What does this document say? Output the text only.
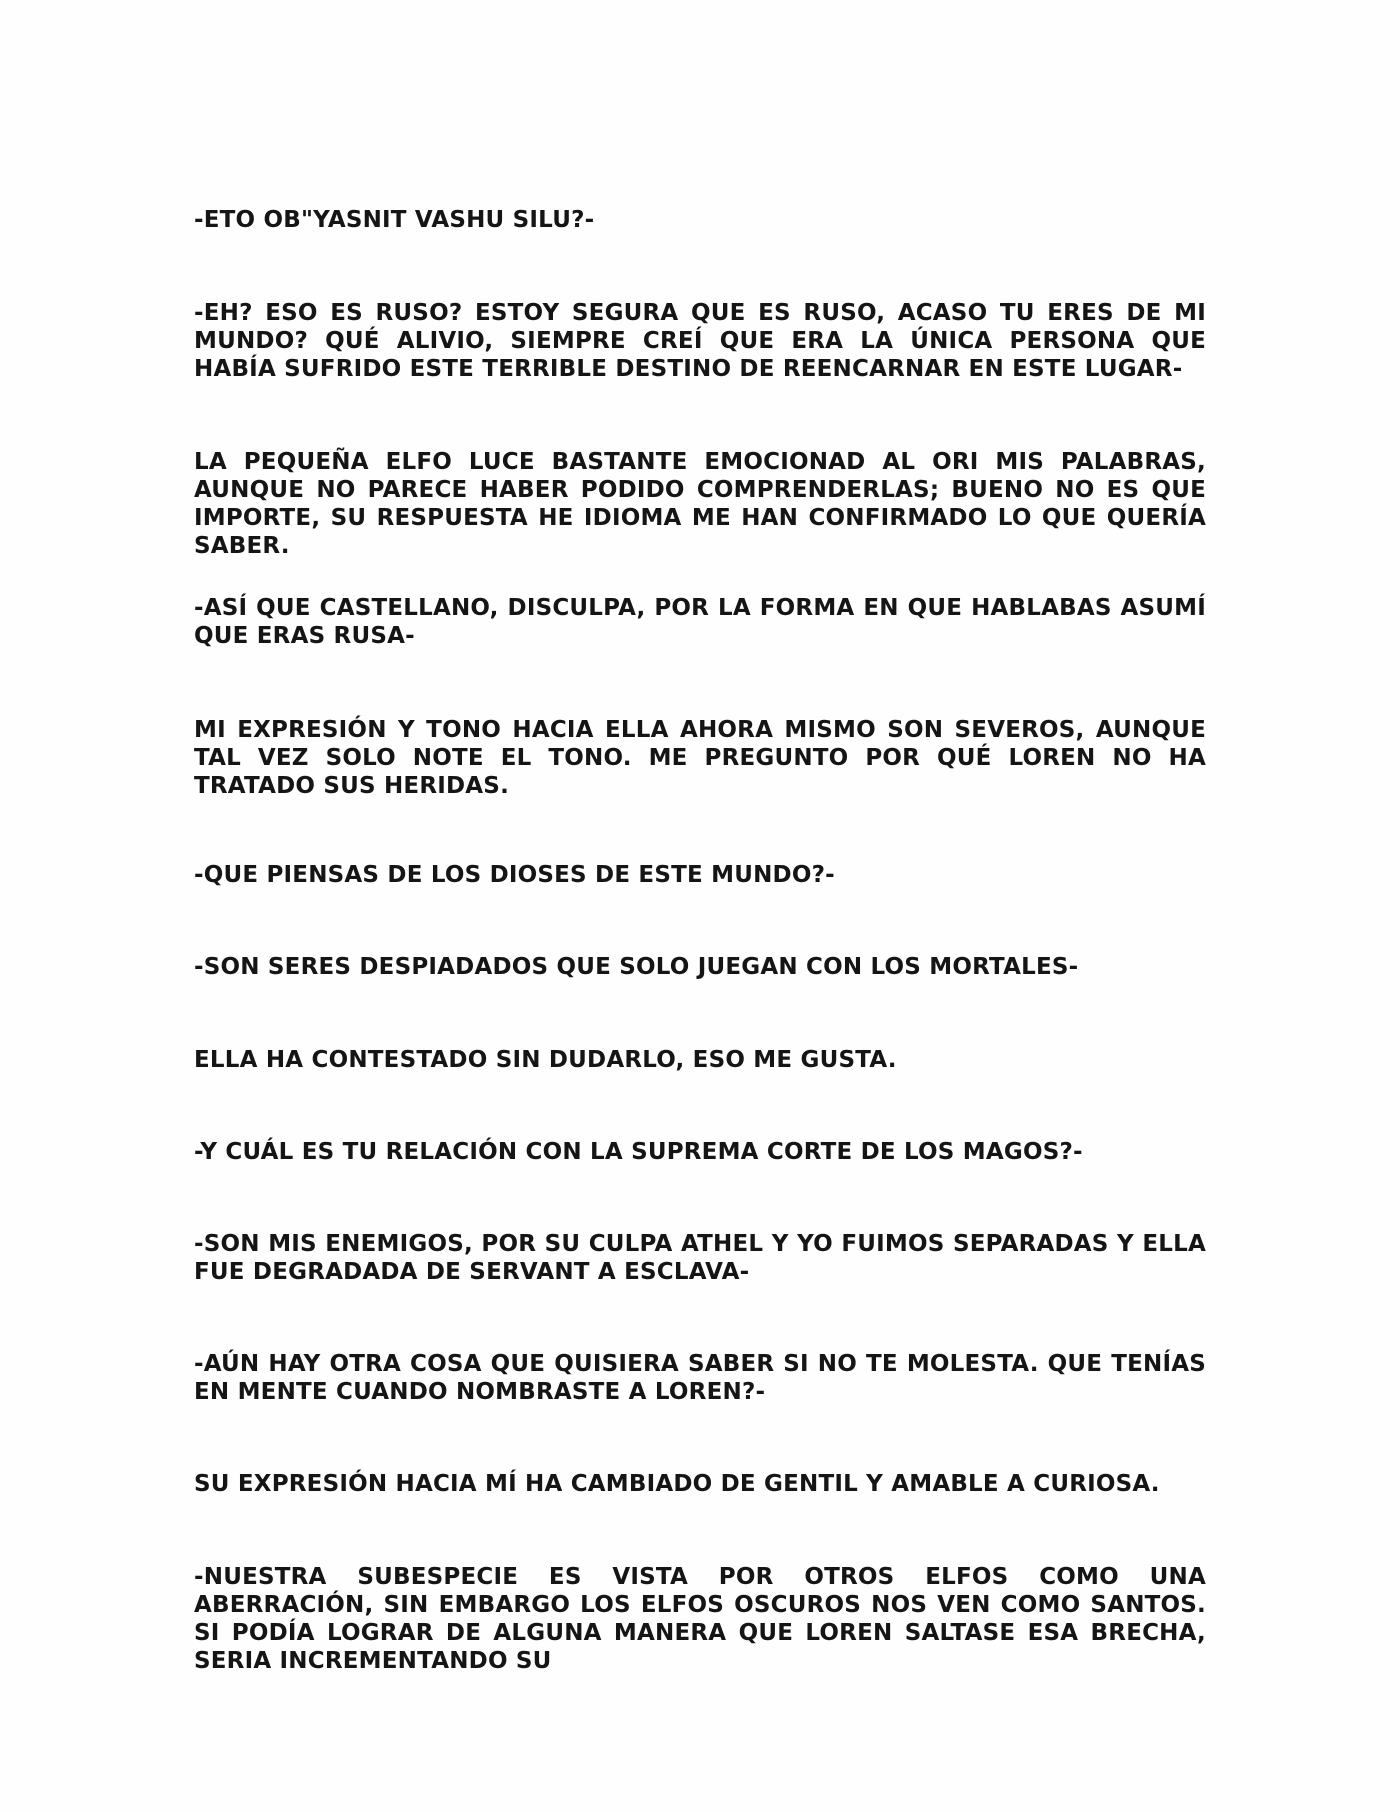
-ETO OB"YASNIT VASHU SILU?-

-EH? ESO ES RUSO? ESTOY SEGURA QUE ES RUSO, ACASO TU ERES DE MI MUNDO? QUÉ ALIVIO, SIEMPRE CREÍ QUE ERA LA ÚNICA PERSONA QUE HABÍA SUFRIDO ESTE TERRIBLE DESTINO DE REENCARNAR EN ESTE LUGAR-

LA PEQUEÑA ELFO LUCE BASTANTE EMOCIONAD AL ORI MIS PALABRAS, AUNQUE NO PARECE HABER PODIDO COMPRENDERLAS; BUENO NO ES QUE IMPORTE, SU RESPUESTA HE IDIOMA ME HAN CONFIRMADO LO QUE QUERÍA SABER.

-ASÍ QUE CASTELLANO, DISCULPA, POR LA FORMA EN QUE HABLABAS ASUMÍ QUE ERAS RUSA-

MI EXPRESIÓN Y TONO HACIA ELLA AHORA MISMO SON SEVEROS, AUNQUE TAL VEZ SOLO NOTE EL TONO. ME PREGUNTO POR QUÉ LOREN NO HA TRATADO SUS HERIDAS.

-QUE PIENSAS DE LOS DIOSES DE ESTE MUNDO?-

-SON SERES DESPIADADOS QUE SOLO JUEGAN CON LOS MORTALES-

ELLA HA CONTESTADO SIN DUDARLO, ESO ME GUSTA.

-Y CUÁL ES TU RELACIÓN CON LA SUPREMA CORTE DE LOS MAGOS?-

-SON MIS ENEMIGOS, POR SU CULPA ATHEL Y YO FUIMOS SEPARADAS Y ELLA FUE DEGRADADA DE SERVANT A ESCLAVA-

-AÚN HAY OTRA COSA QUE QUISIERA SABER SI NO TE MOLESTA. QUE TENÍAS EN MENTE CUANDO NOMBRASTE A LOREN?-

SU EXPRESIÓN HACIA MÍ HA CAMBIADO DE GENTIL Y AMABLE A CURIOSA.

-NUESTRA SUBESPECIE ES VISTA POR OTROS ELFOS COMO UNA ABERRACIÓN, SIN EMBARGO LOS ELFOS OSCUROS NOS VEN COMO SANTOS. SI PODÍA LOGRAR DE ALGUNA MANERA QUE LOREN SALTASE ESA BRECHA, SERIA INCREMENTANDO SU
